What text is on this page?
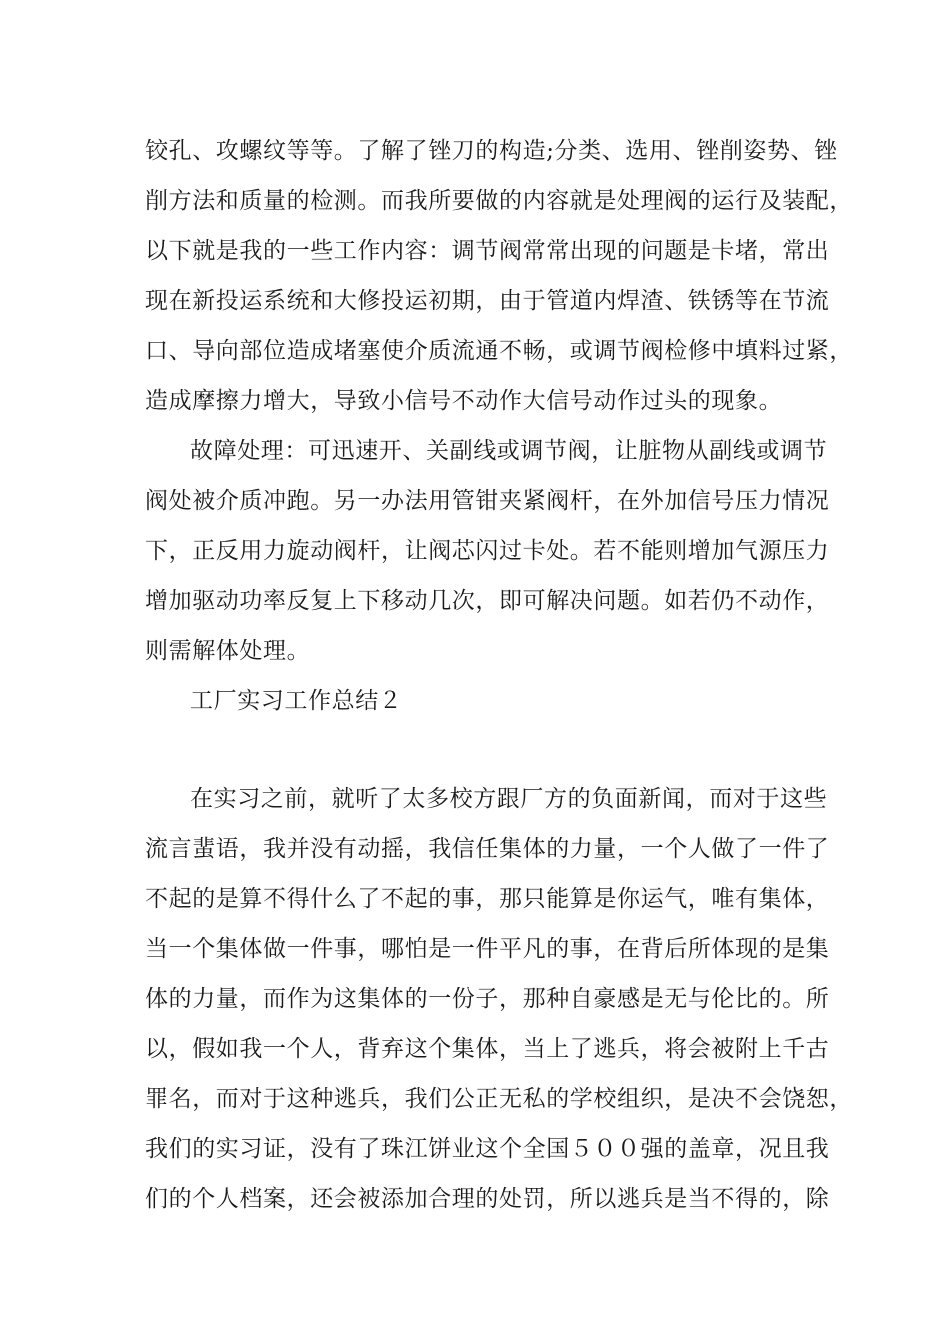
铰孔、攻螺纹等等。了解了锉刀的构造;分类、选用、锉削姿势、锉
削方法和质量的检测。而我所要做的内容就是处理阀的运行及装配，
以下就是我的一些工作内容：调节阀常常出现的问题是卡堵，常出
现在新投运系统和大修投运初期，由于管道内焊渣、铁锈等在节流
口、导向部位造成堵塞使介质流通不畅，或调节阀检修中填料过紧，
造成摩擦力增大，导致小信号不动作大信号动作过头的现象。
故障处理：可迅速开、关副线或调节阀，让脏物从副线或调节
阀处被介质冲跑。另一办法用管钳夹紧阀杆，在外加信号压力情况
下，正反用力旋动阀杆，让阀芯闪过卡处。若不能则增加气源压力
增加驱动功率反复上下移动几次，即可解决问题。如若仍不动作，
则需解体处理。
工厂实习工作总结２
在实习之前，就听了太多校方跟厂方的负面新闻，而对于这些
流言蜚语，我并没有动摇，我信任集体的力量，一个人做了一件了
不起的是算不得什么了不起的事，那只能算是你运气，唯有集体，
当一个集体做一件事，哪怕是一件平凡的事，在背后所体现的是集
体的力量，而作为这集体的一份子，那种自豪感是无与伦比的。所
以，假如我一个人，背弃这个集体，当上了逃兵，将会被附上千古
罪名，而对于这种逃兵，我们公正无私的学校组织，是决不会饶恕，
我们的实习证，没有了珠江饼业这个全国５００强的盖章，况且我
们的个人档案，还会被添加合理的处罚，所以逃兵是当不得的，除
